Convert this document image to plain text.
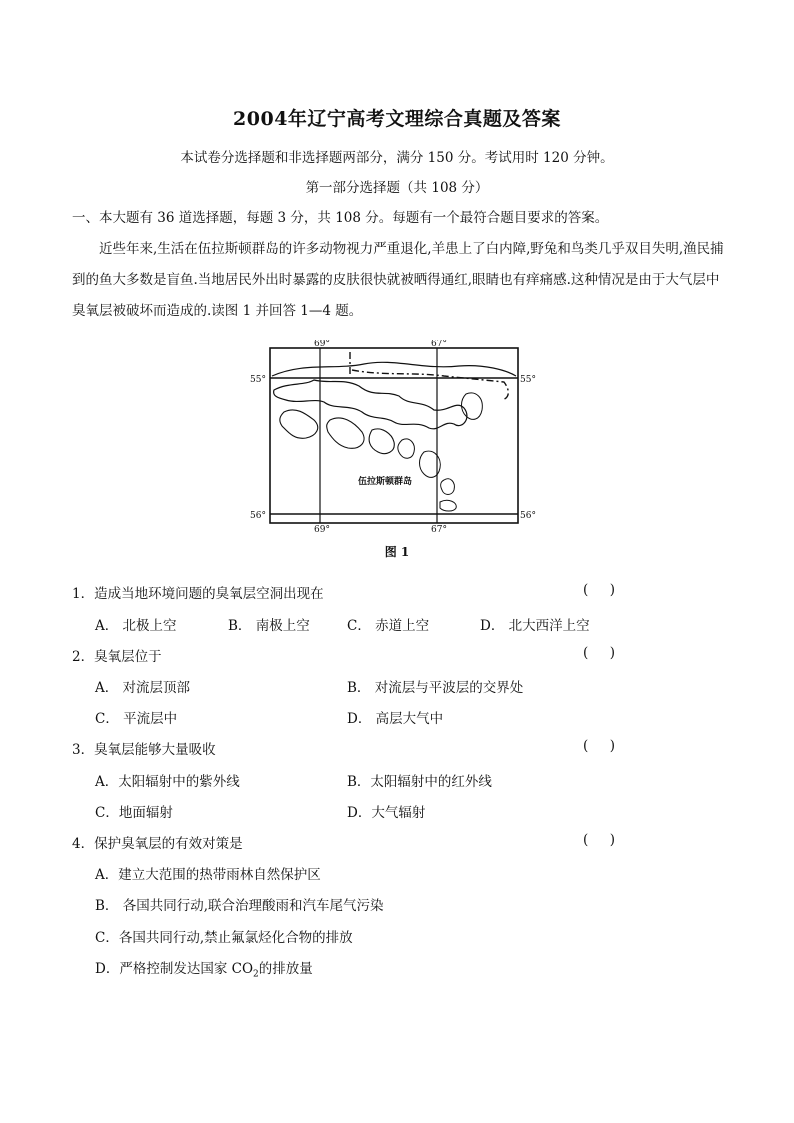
2004年辽宁高考文理综合真题及答案
本试卷分选择题和非选择题两部分，满分 150 分。考试用时 120 分钟。
第一部分选择题（共 108 分）
一、本大题有 36 道选择题，每题 3 分，共 108 分。每题有一个最符合题目要求的答案。
近些年来,生活在伍拉斯顿群岛的许多动物视力严重退化,羊患上了白内障,野兔和鸟类几乎双目失明,渔民捕到的鱼大多数是盲鱼.当地居民外出时暴露的皮肤很快就被晒得通红,眼睛也有痒痛感.这种情况是由于大气层中臭氧层被破坏而造成的.读图 1 并回答 1—4 题。
69°	67°
69°	67°
55°	55°
56°	56°
伍拉斯顿群岛
图 1
1．造成当地环境问题的臭氧层空洞出现在	(     )
A． 北极上空	B． 南极上空	C． 赤道上空	D． 北大西洋上空
2．臭氧层位于	(     )
A． 对流层顶部	B． 对流层与平波层的交界处
C． 平流层中	D． 高层大气中
3．臭氧层能够大量吸收	(     )
A．太阳辐射中的紫外线	B．太阳辐射中的红外线
C．地面辐射	D．大气辐射
4．保护臭氧层的有效对策是	(     )
A．建立大范围的热带雨林自然保护区
B． 各国共同行动,联合治理酸雨和汽车尾气污染
C．各国共同行动,禁止氟氯烃化合物的排放
D．严格控制发达国家 $CO_2$的排放量
